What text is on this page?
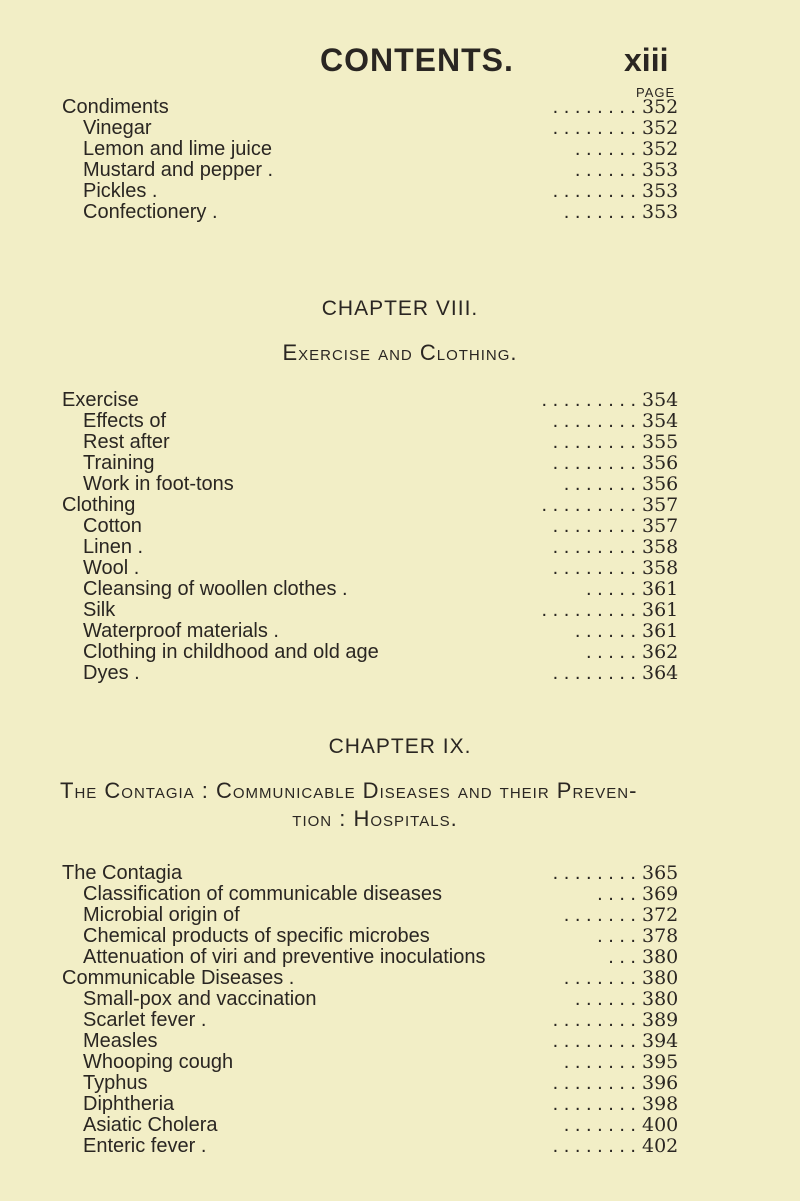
CONTENTS.	xiii
PAGE
Condiments	. . . . . . . . 352
Vinegar	. . . . . . . . 352
Lemon and lime juice	. . . . . . 352
Mustard and pepper .	. . . . . . 353
Pickles .	. . . . . . . . 353
Confectionery .	. . . . . . . 353
CHAPTER VIII.
Exercise and Clothing.
Exercise	. . . . . . . . . 354
Effects of	. . . . . . . . 354
Rest after	. . . . . . . . 355
Training	. . . . . . . . 356
Work in foot-tons	. . . . . . . 356
Clothing	. . . . . . . . . 357
Cotton	. . . . . . . . 357
Linen .	. . . . . . . . 358
Wool .	. . . . . . . . 358
Cleansing of woollen clothes .	. . . . . 361
Silk	. . . . . . . . . 361
Waterproof materials .	. . . . . . 361
Clothing in childhood and old age	. . . . . 362
Dyes .	. . . . . . . . 364
CHAPTER IX.
The Contagia : Communicable Diseases and their Preven-
tion : Hospitals.
The Contagia	. . . . . . . . 365
Classification of communicable diseases	. . . . 369
Microbial origin of	. . . . . . . 372
Chemical products of specific microbes	. . . . 378
Attenuation of viri and preventive inoculations	. . . 380
Communicable Diseases .	. . . . . . . 380
Small-pox and vaccination	. . . . . . 380
Scarlet fever .	. . . . . . . . 389
Measles	. . . . . . . . 394
Whooping cough	. . . . . . . 395
Typhus	. . . . . . . . 396
Diphtheria	. . . . . . . . 398
Asiatic Cholera	. . . . . . . 400
Enteric fever .	. . . . . . . . 402
